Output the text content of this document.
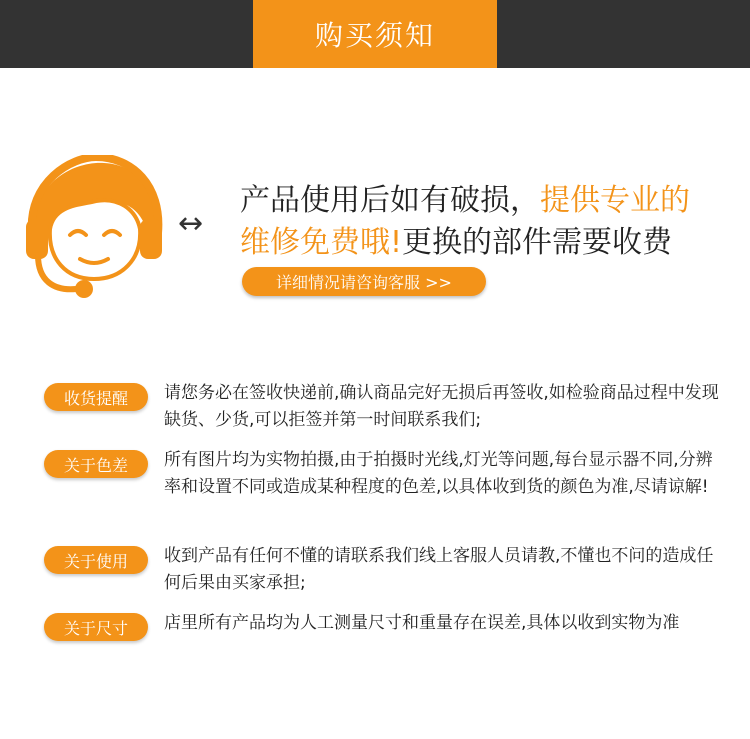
购买须知
↔
产品使用后如有破损，提供专业的
维修免费哦!更换的部件需要收费
详细情况请咨询客服 >>
收货提醒	请您务必在签收快递前,确认商品完好无损后再签收,如检验商品过程中发现缺货、少货,可以拒签并第一时间联系我们;
关于色差	所有图片均为实物拍摄,由于拍摄时光线,灯光等问题,每台显示器不同,分辨率和设置不同或造成某种程度的色差,以具体收到货的颜色为准,尽请谅解!
关于使用	收到产品有任何不懂的请联系我们线上客服人员请教,不懂也不问的造成任何后果由买家承担;
关于尺寸	店里所有产品均为人工测量尺寸和重量存在误差,具体以收到实物为准
